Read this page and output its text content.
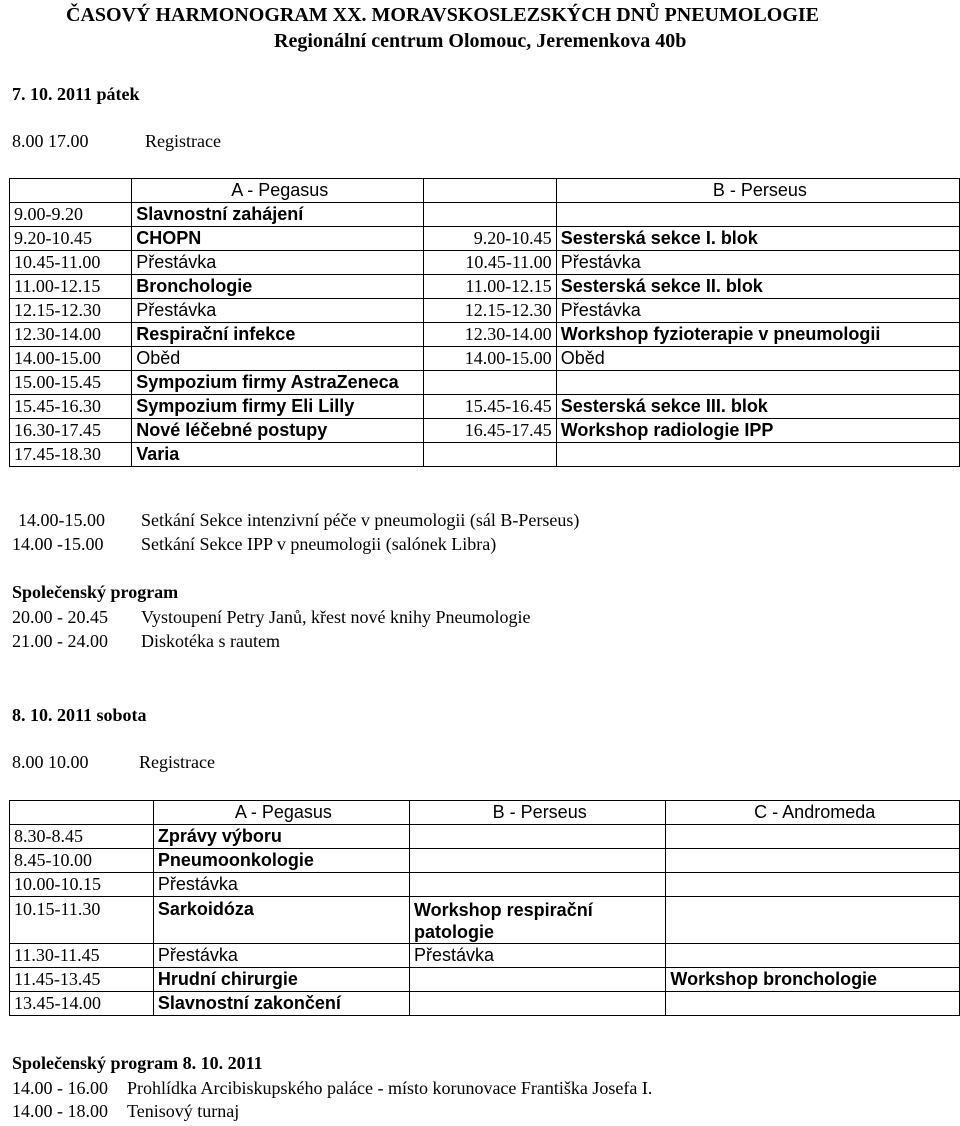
ČASOVÝ HARMONOGRAM XX. MORAVSKOSLEZSKÝCH DNŮ PNEUMOLOGIE
Regionální centrum Olomouc, Jeremenkova 40b
7. 10. 2011 pátek
8.00 17.00	Registrace
	A - Pegasus		B - Perseus
9.00-9.20	Slavnostní zahájení		
9.20-10.45	CHOPN	9.20-10.45	Sesterská sekce I. blok
10.45-11.00	Přestávka	10.45-11.00	Přestávka
11.00-12.15	Bronchologie	11.00-12.15	Sesterská sekce II. blok
12.15-12.30	Přestávka	12.15-12.30	Přestávka
12.30-14.00	Respirační infekce	12.30-14.00	Workshop fyzioterapie v pneumologii
14.00-15.00	Oběd	14.00-15.00	Oběd
15.00-15.45	Sympozium firmy AstraZeneca		
15.45-16.30	Sympozium firmy Eli Lilly	15.45-16.45	Sesterská sekce III. blok
16.30-17.45	Nové léčebné postupy	16.45-17.45	Workshop radiologie IPP
17.45-18.30	Varia		
14.00-15.00 Setkání Sekce intenzivní péče v pneumologii (sál B-Perseus)
14.00 -15.00 Setkání Sekce IPP v pneumologii (salónek Libra)
Společenský program
20.00 - 20.45 Vystoupení Petry Janů, křest nové knihy Pneumologie
21.00 - 24.00 Diskotéka s rautem
8. 10. 2011 sobota
8.00 10.00	Registrace
	A - Pegasus	B - Perseus	C - Andromeda
8.30-8.45	Zprávy výboru		
8.45-10.00	Pneumoonkologie		
10.00-10.15	Přestávka		
10.15-11.30	Sarkoidóza	Workshop respirační patologie	
11.30-11.45	Přestávka	Přestávka	
11.45-13.45	Hrudní chirurgie		Workshop bronchologie
13.45-14.00	Slavnostní zakončení		
Společenský program 8. 10. 2011
14.00 - 16.00 Prohlídka Arcibiskupského paláce - místo korunovace Františka Josefa I.
14.00 - 18.00 Tenisový turnaj
